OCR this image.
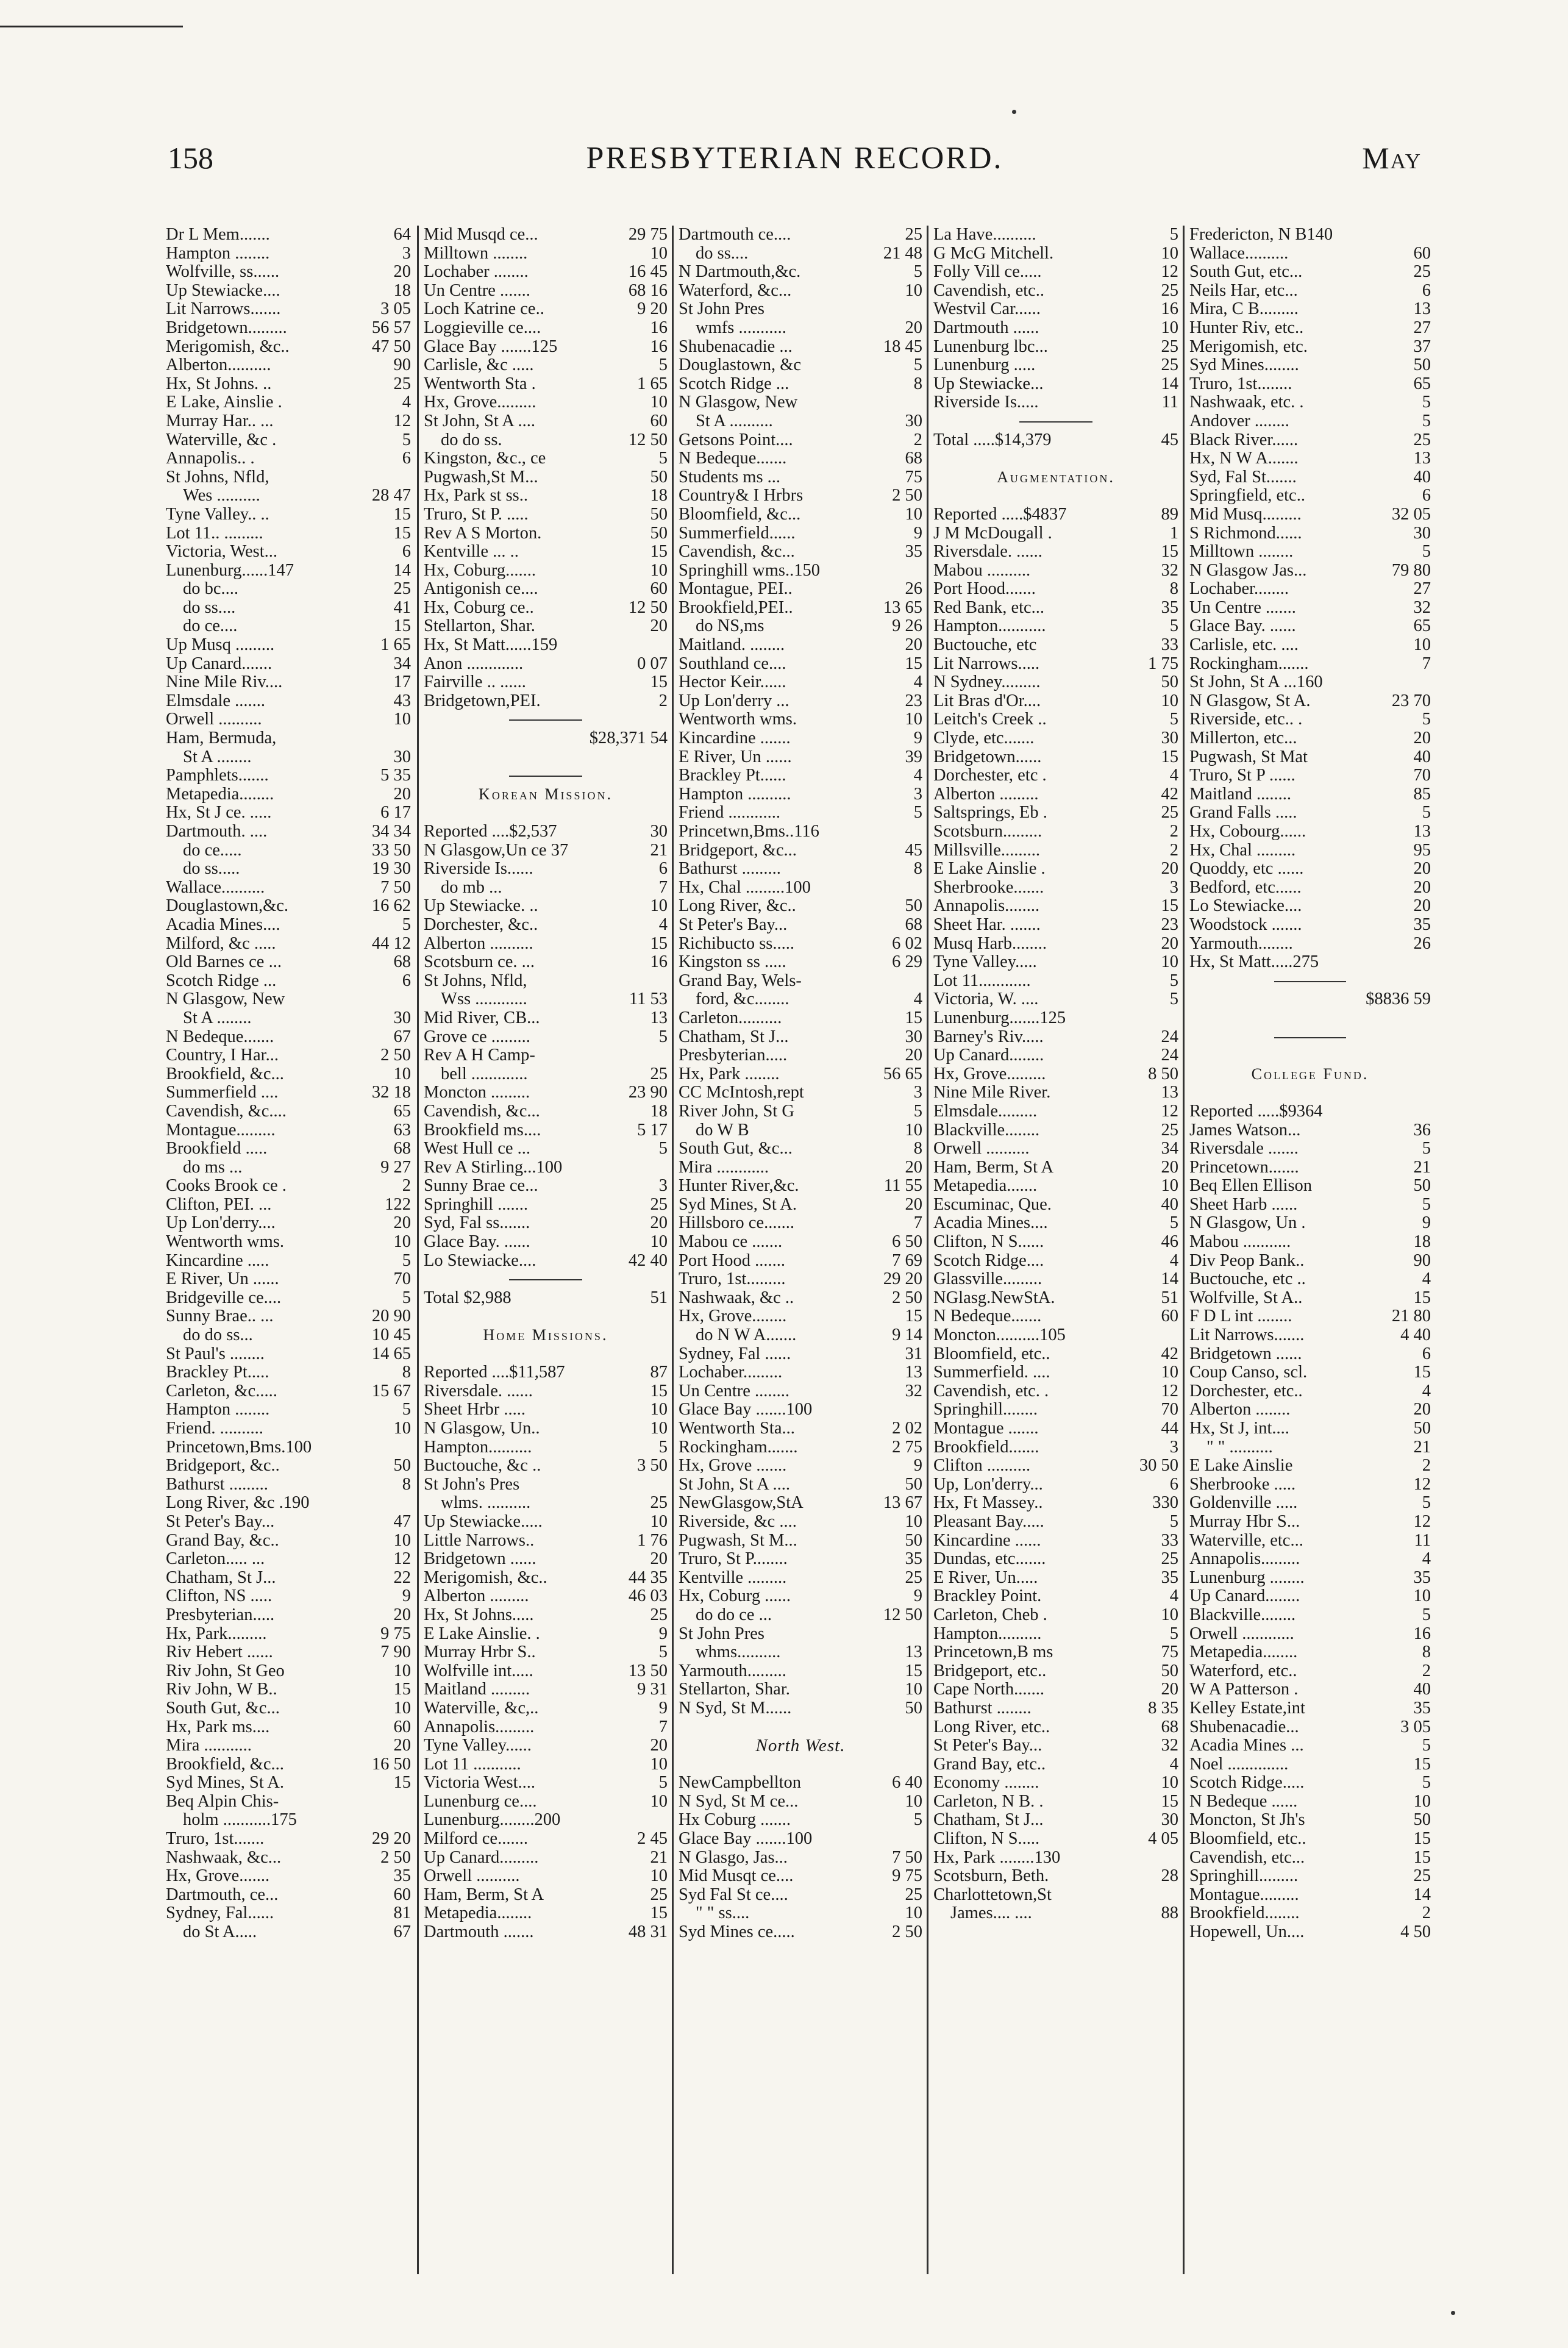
158	PRESBYTERIAN RECORD.	May
Dr L Mem.......	64
Hampton ........	3
Wolfville, ss......	20
Up Stewiacke....	18
Lit Narrows.......	3 05
Bridgetown.........	56 57
Merigomish, &c..	47 50
Alberton..........	90
Hx, St Johns. ..	25
E Lake, Ainslie .	4
Murray Har.. ...	12
Waterville, &c .	5
Annapolis.. .	6
St Johns, Nfld,
Wes ..........	28 47
Tyne Valley.. ..	15
Lot 11.. .........	15
Victoria, West...	6
Lunenburg......147	14
do bc....	25
do ss....	41
do ce....	15
Up Musq .........	1 65
Up Canard.......	34
Nine Mile Riv....	17
Elmsdale .......	43
Orwell ..........	10
Ham, Bermuda,
St A ........	30
Pamphlets.......	5 35
Metapedia........	20
Hx, St J ce. .....	6 17
Dartmouth. ....	34 34
do ce.....	33 50
do ss.....	19 30
Wallace..........	7 50
Douglastown,&c.	16 62
Acadia Mines....	5
Milford, &c .....	44 12
Old Barnes ce ...	68
Scotch Ridge ...	6
N Glasgow, New
St A ........	30
N Bedeque.......	67
Country, I Har...	2 50
Brookfield, &c...	10
Summerfield ....	32 18
Cavendish, &c....	65
Montague.........	63
Brookfield .....	68
do ms ...	9 27
Cooks Brook ce .	2
Clifton, PEI. ...	122
Up Lon'derry....	20
Wentworth wms.	10
Kincardine .....	5
E River, Un ......	70
Bridgeville ce....	5
Sunny Brae.. ...	20 90
do do ss...	10 45
St Paul's ........	14 65
Brackley Pt.....	8
Carleton, &c.....	15 67
Hampton ........	5
Friend. ..........	10
Princetown,Bms.100
Bridgeport, &c..	50
Bathurst .........	8
Long River, &c .190
St Peter's Bay...	47
Grand Bay, &c..	10
Carleton..... ...	12
Chatham, St J...	22
Clifton, NS .....	9
Presbyterian.....	20
Hx, Park.........	9 75
Riv Hebert ......	7 90
Riv John, St Geo	10
Riv John, W B..	15
South Gut, &c...	10
Hx, Park ms....	60
Mira ...........	20
Brookfield, &c...	16 50
Syd Mines, St A.	15
Beq Alpin Chis-
holm ...........175
Truro, 1st.......	29 20
Nashwaak, &c...	2 50
Hx, Grove.......	35
Dartmouth, ce...	60
Sydney, Fal......	81
do St A.....	67
Mid Musqd ce...	29 75
Milltown ........	10
Lochaber ........	16 45
Un Centre .......	68 16
Loch Katrine ce..	9 20
Loggieville ce....	16
Glace Bay .......125	16
Carlisle, &c .....	5
Wentworth Sta .	1 65
Hx, Grove.........	10
St John, St A ....	60
do do ss.	12 50
Kingston, &c., ce	5
Pugwash,St M...	50
Hx, Park st ss..	18
Truro, St P. .....	50
Rev A S Morton.	50
Kentville ... ..	15
Hx, Coburg.......	10
Antigonish ce....	60
Hx, Coburg ce..	12 50
Stellarton, Shar.	20
Hx, St Matt......159
Anon .............	0 07
Fairville .. ......	15
Bridgetown,PEI.	2
$28,371 54
Korean Mission.
Reported ....$2,537	30
N Glasgow,Un ce 37	21
Riverside Is......	6
do mb ...	7
Up Stewiacke. ..	10
Dorchester, &c..	4
Alberton ..........	15
Scotsburn ce. ...	16
St Johns, Nfld,
Wss ............	11 53
Mid River, CB...	13
Grove ce .........	5
Rev A H Camp-
bell .............	25
Moncton .........	23 90
Cavendish, &c...	18
Brookfield ms....	5 17
West Hull ce ...	5
Rev A Stirling...100
Sunny Brae ce...	3
Springhill .......	25
Syd, Fal ss.......	20
Glace Bay. ......	10
Lo Stewiacke....	42 40
Total $2,988	51
Home Missions.
Reported ....$11,587	87
Riversdale. ......	15
Sheet Hrbr .....	10
N Glasgow, Un..	10
Hampton..........	5
Buctouche, &c ..	3 50
St John's Pres
wlms. ..........	25
Up Stewiacke.....	10
Little Narrows..	1 76
Bridgetown ......	20
Merigomish, &c..	44 35
Alberton .........	46 03
Hx, St Johns.....	25
E Lake Ainslie. .	9
Murray Hrbr S..	5
Wolfville int.....	13 50
Maitland .........	9 31
Waterville, &c,..	9
Annapolis.........	7
Tyne Valley......	20
Lot 11 ...........	10
Victoria West....	5
Lunenburg ce....	10
Lunenburg........200
Milford ce.......	2 45
Up Canard.........	21
Orwell ..........	10
Ham, Berm, St A	25
Metapedia........	15
Dartmouth .......	48 31
Dartmouth ce....	25
do ss....	21 48
N Dartmouth,&c.	5
Waterford, &c...	10
St John Pres
wmfs ...........	20
Shubenacadie ...	18 45
Douglastown, &c	5
Scotch Ridge ...	8
N Glasgow, New
St A ..........	30
Getsons Point....	2
N Bedeque.......	68
Students ms ...	75
Country& I Hrbrs	2 50
Bloomfield, &c...	10
Summerfield......	9
Cavendish, &c...	35
Springhill wms..150
Montague, PEI..	26
Brookfield,PEI..	13 65
do NS,ms	9 26
Maitland. ........	20
Southland ce....	15
Hector Keir......	4
Up Lon'derry ...	23
Wentworth wms.	10
Kincardine .......	9
E River, Un ......	39
Brackley Pt......	4
Hampton ..........	3
Friend ............	5
Princetwn,Bms..116
Bridgeport, &c...	45
Bathurst .........	8
Hx, Chal .........100
Long River, &c..	50
St Peter's Bay...	68
Richibucto ss.....	6 02
Kingston ss .....	6 29
Grand Bay, Wels-
ford, &c........	4
Carleton..........	15
Chatham, St J...	30
Presbyterian.....	20
Hx, Park ........	56 65
CC McIntosh,rept	3
River John, St G	5
do W B	10
South Gut, &c...	8
Mira ............	20
Hunter River,&c.	11 55
Syd Mines, St A.	20
Hillsboro ce.......	7
Mabou ce .......	6 50
Port Hood .......	7 69
Truro, 1st.........	29 20
Nashwaak, &c ..	2 50
Hx, Grove........	15
do N W A.......	9 14
Sydney, Fal ......	31
Lochaber.........	13
Un Centre ........	32
Glace Bay .......100
Wentworth Sta...	2 02
Rockingham.......	2 75
Hx, Grove .......	9
St John, St A ....	50
NewGlasgow,StA	13 67
Riverside, &c ....	10
Pugwash, St M...	50
Truro, St P........	35
Kentville .........	25
Hx, Coburg ......	9
do do ce ...	12 50
St John Pres
whms..........	13
Yarmouth.........	15
Stellarton, Shar.	10
N Syd, St M......	50
North West.
NewCampbellton	6 40
N Syd, St M ce...	10
Hx Coburg .......	5
Glace Bay .......100
N Glasgo, Jas...	7 50
Mid Musqt ce....	9 75
Syd Fal St ce....	25
" " ss....	10
Syd Mines ce.....	2 50
La Have..........	5
G McG Mitchell.	10
Folly Vill ce.....	12
Cavendish, etc..	25
Westvil Car......	16
Dartmouth ......	10
Lunenburg lbc...	25
Lunenburg .....	25
Up Stewiacke...	14
Riverside Is.....	11
Total .....$14,379	45
Augmentation.
Reported .....$4837	89
J M McDougall .	1
Riversdale. ......	15
Mabou ..........	32
Port Hood.......	8
Red Bank, etc...	35
Hampton...........	5
Buctouche, etc	33
Lit Narrows.....	1 75
N Sydney.........	50
Lit Bras d'Or....	10
Leitch's Creek ..	5
Clyde, etc.......	30
Bridgetown......	15
Dorchester, etc .	4
Alberton .........	42
Saltsprings, Eb .	25
Scotsburn.........	2
Millsville.........	2
E Lake Ainslie .	20
Sherbrooke.......	3
Annapolis........	15
Sheet Har. .......	23
Musq Harb........	20
Tyne Valley.....	10
Lot 11............	5
Victoria, W. ....	5
Lunenburg.......125
Barney's Riv.....	24
Up Canard........	24
Hx, Grove.........	8 50
Nine Mile River.	13
Elmsdale.........	12
Blackville........	25
Orwell ..........	34
Ham, Berm, St A	20
Metapedia.......	10
Escuminac, Que.	40
Acadia Mines....	5
Clifton, N S......	46
Scotch Ridge....	4
Glassville.........	14
NGlasg.NewStA.	51
N Bedeque.......	60
Moncton..........105
Bloomfield, etc..	42
Summerfield. ....	10
Cavendish, etc. .	12
Springhill........	70
Montague .......	44
Brookfield.......	3
Clifton ..........	30 50
Up, Lon'derry...	6
Hx, Ft Massey..	330
Pleasant Bay.....	5
Kincardine ......	33
Dundas, etc.......	25
E River, Un.....	35
Brackley Point.	4
Carleton, Cheb .	10
Hampton..........	5
Princetown,B ms	75
Bridgeport, etc..	50
Cape North.......	20
Bathurst ........	8 35
Long River, etc..	68
St Peter's Bay...	32
Grand Bay, etc..	4
Economy ........	10
Carleton, N B. .	15
Chatham, St J...	30
Clifton, N S.....	4 05
Hx, Park ........130
Scotsburn, Beth.	28
Charlottetown,St
James.... ....	88
Fredericton, N B140
Wallace..........	60
South Gut, etc...	25
Neils Har, etc...	6
Mira, C B.........	13
Hunter Riv, etc..	27
Merigomish, etc.	37
Syd Mines........	50
Truro, 1st........	65
Nashwaak, etc. .	5
Andover ........	5
Black River......	25
Hx, N W A.......	13
Syd, Fal St.......	40
Springfield, etc..	6
Mid Musq.........	32 05
S Richmond......	30
Milltown ........	5
N Glasgow Jas...	79 80
Lochaber........	27
Un Centre .......	32
Glace Bay. ......	65
Carlisle, etc. ....	10
Rockingham.......	7
St John, St A ...160
N Glasgow, St A.	23 70
Riverside, etc.. .	5
Millerton, etc...	20
Pugwash, St Mat	40
Truro, St P ......	70
Maitland ........	85
Grand Falls .....	5
Hx, Cobourg......	13
Hx, Chal .........	95
Quoddy, etc ......	20
Bedford, etc......	20
Lo Stewiacke....	20
Woodstock .......	35
Yarmouth........	26
Hx, St Matt.....275
$8836 59
College Fund.
Reported .....$9364
James Watson...	36
Riversdale .......	5
Princetown.......	21
Beq Ellen Ellison	50
Sheet Harb ......	5
N Glasgow, Un .	9
Mabou ...........	18
Div Peop Bank..	90
Buctouche, etc ..	4
Wolfville, St A..	15
F D L int ........	21 80
Lit Narrows.......	4 40
Bridgetown ......	6
Coup Canso, scl.	15
Dorchester, etc..	4
Alberton ........	20
Hx, St J, int....	50
" " ..........	21
E Lake Ainslie	2
Sherbrooke .....	12
Goldenville .....	5
Murray Hbr S...	12
Waterville, etc...	11
Annapolis.........	4
Lunenburg ........	35
Up Canard........	10
Blackville........	5
Orwell ............	16
Metapedia........	8
Waterford, etc..	2
W A Patterson .	40
Kelley Estate,int	35
Shubenacadie...	3 05
Acadia Mines ...	5
Noel ..............	15
Scotch Ridge.....	5
N Bedeque ......	10
Moncton, St Jh's	50
Bloomfield, etc..	15
Cavendish, etc...	15
Springhill.........	25
Montague.........	14
Brookfield........	2
Hopewell, Un....	4 50
